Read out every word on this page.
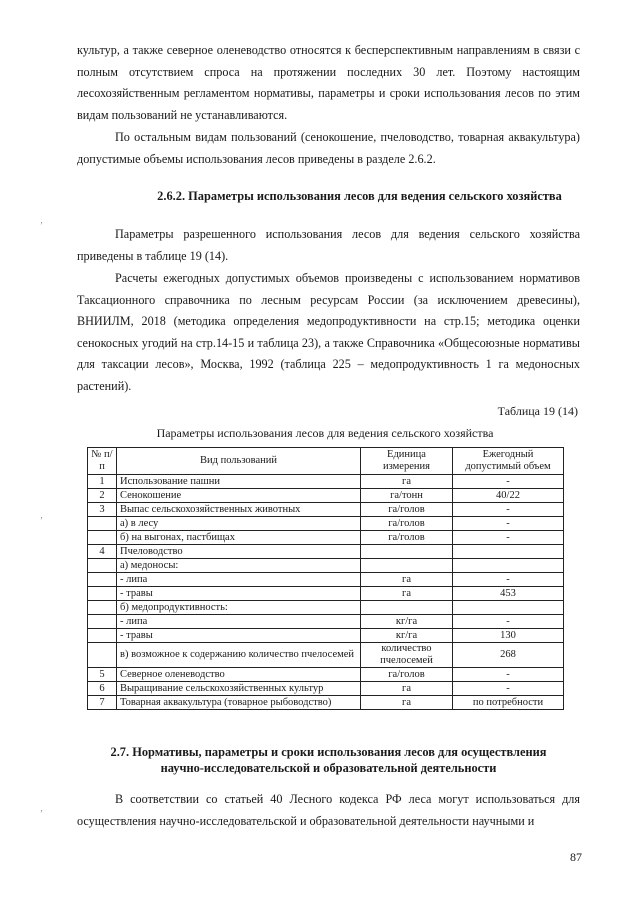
культур, а также северное оленеводство относятся к бесперспективным направлениям в связи с полным отсутствием спроса на протяжении последних 30 лет. Поэтому настоящим лесохозяйственным регламентом нормативы, параметры и сроки использования лесов по этим видам пользований не устанавливаются.

По остальным видам пользований (сенокошение, пчеловодство, товарная аквакультура) допустимые объемы использования лесов приведены в разделе 2.6.2.

2.6.2. Параметры использования лесов для ведения сельского хозяйства

Параметры разрешенного использования лесов для ведения сельского хозяйства приведены в таблице 19 (14).

Расчеты ежегодных допустимых объемов произведены с использованием нормативов Таксационного справочника по лесным ресурсам России (за исключением древесины), ВНИИЛМ, 2018 (методика определения медопродуктивности на стр.15; методика оценки сенокосных угодий на стр.14-15 и таблица 23), а также Справочника «Общесоюзные нормативы для таксации лесов», Москва, 1992 (таблица 225 – медопродуктивность 1 га медоносных растений).

Таблица 19 (14)

Параметры использования лесов для ведения сельского хозяйства

№ п/п	Вид пользований	Единица измерения	Ежегодный допустимый объем
1	Использование пашни	га	-
2	Сенокошение	га/тонн	40/22
3	Выпас сельскохозяйственных животных	га/голов	-
	а) в лесу	га/голов	-
	б) на выгонах, пастбищах	га/голов	-
4	Пчеловодство		
	а) медоносы:		
	- липа	га	-
	- травы	га	453
	б) медопродуктивность:		
	- липа	кг/га	-
	- травы	кг/га	130
	в) возможное к содержанию количество пчелосемей	количество пчелосемей	268
5	Северное оленеводство	га/голов	-
6	Выращивание сельскохозяйственных культур	га	-
7	Товарная аквакультура (товарное рыбоводство)	га	по потребности
2.7. Нормативы, параметры и сроки использования лесов для осуществления
научно-исследовательской и образовательной деятельности

В соответствии со статьей 40 Лесного кодекса РФ леса могут использоваться для осуществления научно-исследовательской и образовательной деятельности научными и

87
‚
‚
‚
